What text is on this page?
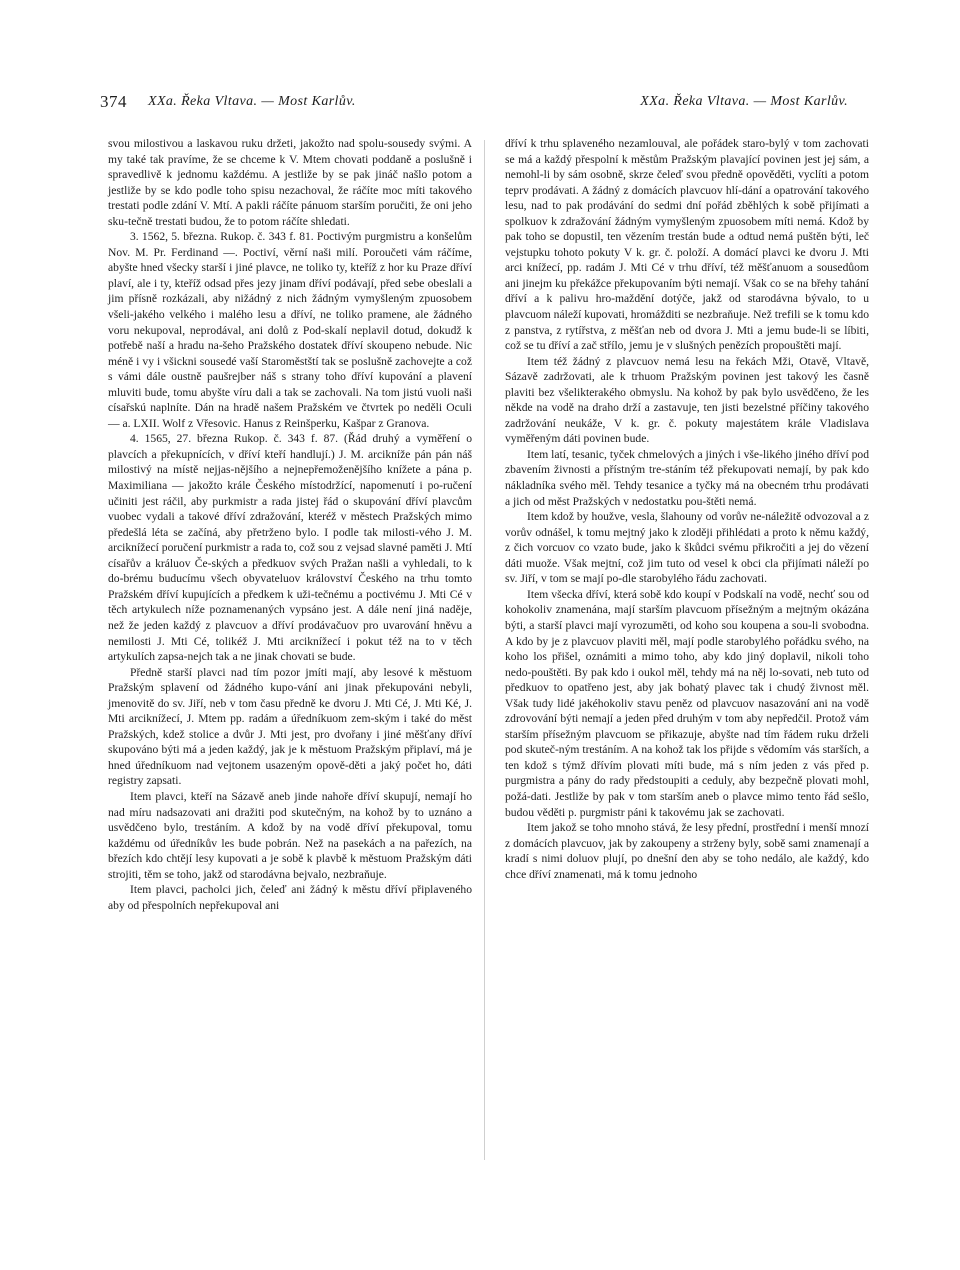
374 XXa. Řeka Vltava. — Most Karlův.	XXa. Řeka Vltava. — Most Karlův.

svou milostivou a laskavou ruku držeti, jakožto nad spolu-sousedy svými. A my také tak pravíme, že se chceme k V. Mtem chovati poddaně a poslušně i spravedlivě k jednomu každému. A jestliže by se pak jináč našlo potom a jestliže by se kdo podle toho spisu nezachoval, že ráčíte moc míti takového trestati podle zdání V. Mtí. A pakli ráčíte pánuom starším poručiti, že oni jeho sku-tečně trestati budou, že to potom ráčíte shledati.

3. 1562, 5. března. Rukop. č. 343 f. 81. Poctivým purgmistru a konšelům Nov. M. Pr. Ferdinand —. Poctiví, věrní naši milí. Poroučeti vám ráčíme, abyšte hned všecky starší i jiné plavce, ne toliko ty, kteříž z hor ku Praze dříví plaví, ale i ty, kteříž odsad přes jezy jinam dříví podávají, před sebe obeslali a jim přísně rozkázali, aby nižádný z nich žádným vymyšleným zpuosobem všeli-jakého velkého i malého lesu a dříví, ne toliko pramene, ale žádného voru nekupoval, neprodával, ani dolů z Pod-skalí neplavil dotud, dokudž k potřebě naší a hradu na-šeho Pražského dostatek dříví skoupeno nebude. Nic méně i vy i všickni sousedé vaší Staroměstští tak se poslušně zachovejte a což s vámi dále oustně paušrejber náš s strany toho dříví kupování a plavení mluviti bude, tomu abyšte víru dali a tak se zachovali. Na tom jistú vuoli naši císařskú naplníte. Dán na hradě našem Pražském ve čtvrtek po neděli Oculi — a. LXII. Wolf z Vřesovic. Hanus z Reinšperku, Kašpar z Granova.

4. 1565, 27. března Rukop. č. 343 f. 87. (Řád druhý a vyměření o plavcích a překupnících, v dříví kteří handlují.) J. M. arcikníže pán pán náš milostivý na místě nejjas-nějšího a nejnepřemoženějšího knížete a pána p. Maximiliana — jakožto krále Českého místodržící, napomenutí i po-ručení učiniti jest ráčil, aby purkmistr a rada jistej řád o skupování dříví plavcům vuobec vydali a takové dříví zdražování, kteréž v městech Pražských mimo předešlá léta se začíná, aby přetrženo bylo. I podle tak milosti-vého J. M. arciknížecí poručení purkmistr a rada to, což sou z vejsad slavné paměti J. Mtí císařův a králuov Če-ských a předkuov svých Pražan našli a vyhledali, to k do-brému buducímu všech obyvateluov království Českého na trhu tomto Pražském dříví kupujících a předkem k uži-tečnému a poctivému J. Mti Cé v těch artykulech níže poznamenaných vypsáno jest. A dále není jiná naděje, než že jeden každý z plavcuov a dříví prodávačuov pro uvarování hněvu a nemilosti J. Mti Cé, tolikéž J. Mti arciknížecí i pokut též na to v těch artykulích zapsa-nejch tak a ne jinak chovati se bude.

Předně starší plavci nad tím pozor jmíti mají, aby lesové k městuom Pražským splavení od žádného kupo-vání ani jinak překupováni nebyli, jmenovitě do sv. Jiří, neb v tom času předně ke dvoru J. Mti Cé, J. Mti Ké, J. Mti arciknížecí, J. Mtem pp. radám a úředníkuom zem-ským i také do měst Pražských, kdež stolice a dvůr J. Mti jest, pro dvořany i jiné měšťany dříví skupováno býti má a jeden každý, jak je k městuom Pražským připlaví, má je hned úředníkuom nad vejtonem usazeným opově-děti a jaký počet ho, dáti registry zapsati.

Item plavci, kteří na Sázavě aneb jinde nahoře dříví skupují, nemají ho nad míru nadsazovati ani dražiti pod skutečným, na kohož by to uznáno a usvědčeno bylo, trestáním. A kdož by na vodě dříví překupoval, tomu každému od úředníkův les bude pobrán. Než na pasekách a na pařezích, na březích kdo chtějí lesy kupovati a je sobě k plavbě k městuom Pražským dáti strojiti, těm se toho, jakž od starodávna bejvalo, nezbraňuje.

Item plavci, pacholci jich, čeleď ani žádný k městu dříví připlaveného aby od přespolních nepřekupoval ani

dříví k trhu splaveného nezamlouval, ale pořádek staro-bylý v tom zachovati se má a každý přespolní k městům Pražským plavající povinen jest jej sám, a nemohl-li by sám osobně, skrze čeleď svou předně opověděti, vyclíti a potom teprv prodávati. A žádný z domácích plavcuov hlí-dání a opatrování takového lesu, nad to pak prodávání do sedmi dní pořád zběhlých k sobě přijímati a spolkuov k zdražování žádným vymyšleným zpuosobem míti nemá. Kdož by pak toho se dopustil, ten vězením trestán bude a odtud nemá puštěn býti, leč vejstupku tohoto pokuty V k. gr. č. položí. A domácí plavci ke dvoru J. Mti arci knížecí, pp. radám J. Mti Cé v trhu dříví, též měšťanuom a sousedůom ani jinejm ku překážce překupovaním býti nemají. Však co se na břehy tahání dříví a k palivu hro-maždění dotýče, jakž od starodávna bývalo, to u plavcuom náleží kupovati, hromážditi se nezbraňuje. Než trefili se k tomu kdo z panstva, z rytířstva, z měšťan neb od dvora J. Mti a jemu bude-li se líbiti, což se tu dříví a zač střílo, jemu je v slušných penězích propouštěti mají.

Item též žádný z plavcuov nemá lesu na řekách Mži, Otavě, Vltavě, Sázavě zadržovati, ale k trhuom Pražským povinen jest takový les časně plaviti bez všelikterakého obmyslu. Na kohož by pak bylo usvědčeno, že les někde na vodě na draho drží a zastavuje, ten jisti bezelstné příčiny takového zadržování neukáže, V k. gr. č. pokuty majestátem krále Vladislava vyměřeným dáti povinen bude.

Item latí, tesanic, tyček chmelových a jiných i vše-likého jiného dříví pod zbavením živnosti a přístným tre-stáním též překupovati nemají, by pak kdo nákladníka svého měl. Tehdy tesanice a tyčky má na obecném trhu prodávati a jich od měst Pražských v nedostatku pou-štěti nemá.

Item kdož by houžve, vesla, šlahouny od vorův ne-náležitě odvozoval a z vorův odnášel, k tomu mejtný jako k zloději přihlédati a proto k němu každý, z čich vorcuov co vzato bude, jako k škůdci svému přikročiti a jej do vězení dáti muože. Však mejtní, což jim tuto od vesel k obci cla přijímati náleží po sv. Jiří, v tom se mají po-dle starobylého řádu zachovati.

Item všecka dříví, která sobě kdo koupí v Podskalí na vodě, nechť sou od kohokoliv znamenána, mají starším plavcuom přísežným a mejtným okázána býti, a starší plavci mají vyrozuměti, od koho sou koupena a sou-li svobodna. A kdo by je z plavcuov plaviti měl, mají podle starobylého pořádku svého, na koho los přišel, oznámiti a mimo toho, aby kdo jiný doplavil, nikoli toho nedo-pouštěti. By pak kdo i oukol měl, tehdy má na něj lo-sovati, neb tuto od předkuov to opatřeno jest, aby jak bohatý plavec tak i chudý živnost měl. Však tudy lidé jakéhokoliv stavu peněz od plavcuov nasazování ani na vodě zdrovování býti nemají a jeden před druhým v tom aby nepředčil. Protož vám starším přísežným plavcuom se přikazuje, abyšte nad tím řádem ruku drželi pod skuteč-ným trestáním. A na kohož tak los přijde s vědomím vás starších, a ten kdož s týmž dřívím plovati míti bude, má s ním jeden z vás před p. purgmistra a pány do rady předstoupiti a ceduly, aby bezpečně plovati mohl, požá-dati. Jestliže by pak v tom starším aneb o plavce mimo tento řád sešlo, budou věděti p. purgmistr páni k takovému jak se zachovati.

Item jakož se toho mnoho stává, že lesy přední, prostřední i menší mnozí z domácích plavcuov, jak by zakoupeny a strženy byly, sobě sami znamenají a kradí s nimi doluov plují, po dnešní den aby se toho nedálo, ale každý, kdo chce dříví znamenati, má k tomu jednoho
